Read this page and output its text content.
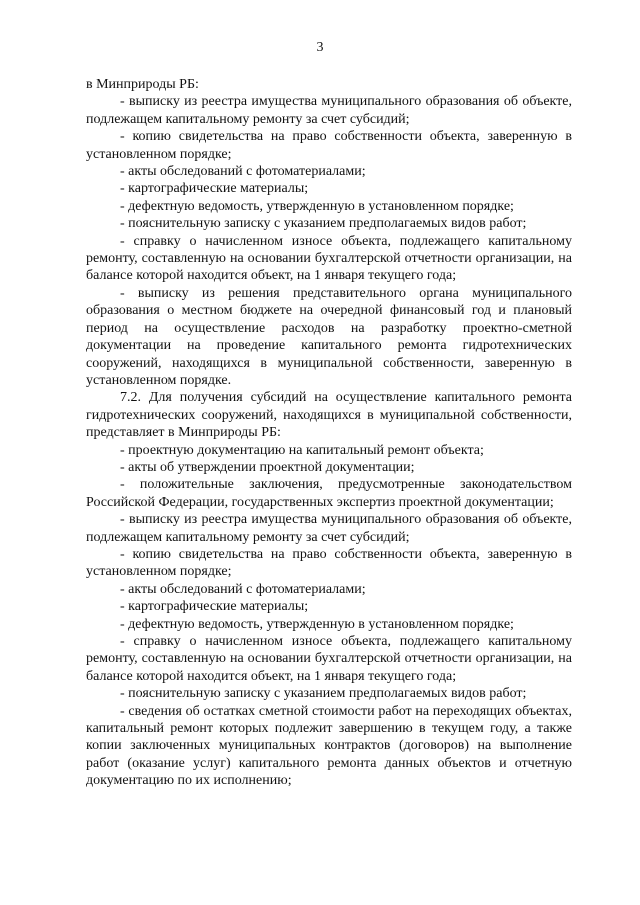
3

в Минприроды РБ:

- выписку из реестра имущества муниципального образования об объекте, подлежащем капитальному ремонту за счет субсидий;

- копию свидетельства на право собственности объекта, заверенную в установленном порядке;

- акты обследований с фотоматериалами;

- картографические материалы;

- дефектную ведомость, утвержденную в установленном порядке;

- пояснительную записку с указанием предполагаемых видов работ;

- справку о начисленном износе объекта, подлежащего капитальному ремонту, составленную на основании бухгалтерской отчетности организации, на балансе которой находится объект, на 1 января текущего года;

- выписку из решения представительного органа муниципального образования о местном бюджете на очередной финансовый год и плановый период на осуществление расходов на разработку проектно-сметной документации на проведение капитального ремонта гидротехнических сооружений, находящихся в муниципальной собственности, заверенную в установленном порядке.

7.2. Для получения субсидий на осуществление капитального ремонта гидротехнических сооружений, находящихся в муниципальной собственности, представляет в Минприроды РБ:

- проектную документацию на капитальный ремонт объекта;

- акты об утверждении проектной документации;

- положительные заключения, предусмотренные законодательством Российской Федерации, государственных экспертиз проектной документации;

- выписку из реестра имущества муниципального образования об объекте, подлежащем капитальному ремонту за счет субсидий;

- копию свидетельства на право собственности объекта, заверенную в установленном порядке;

- акты обследований с фотоматериалами;

- картографические материалы;

- дефектную ведомость, утвержденную в установленном порядке;

- справку о начисленном износе объекта, подлежащего капитальному ремонту, составленную на основании бухгалтерской отчетности организации, на балансе которой находится объект, на 1 января текущего года;

- пояснительную записку с указанием предполагаемых видов работ;

- сведения об остатках сметной стоимости работ на переходящих объектах, капитальный ремонт которых подлежит завершению в текущем году, а также копии заключенных муниципальных контрактов (договоров) на выполнение работ (оказание услуг) капитального ремонта данных объектов и отчетную документацию по их исполнению;
